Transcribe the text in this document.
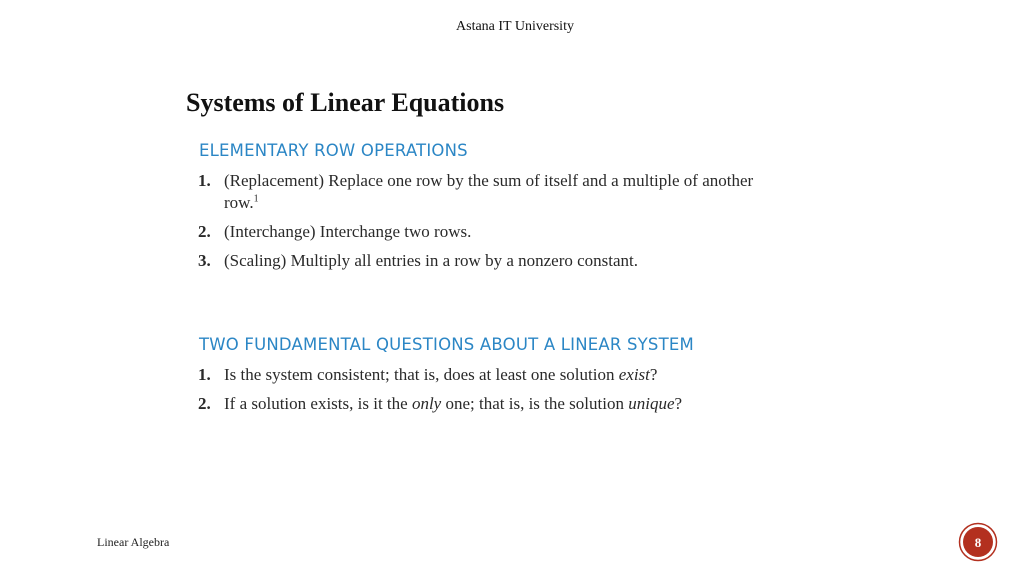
Astana IT University
Systems of Linear Equations
ELEMENTARY ROW OPERATIONS
1. (Replacement) Replace one row by the sum of itself and a multiple of another
row.$^1$
2. (Interchange) Interchange two rows.
3. (Scaling) Multiply all entries in a row by a nonzero constant.
TWO FUNDAMENTAL QUESTIONS ABOUT A LINEAR SYSTEM
1. Is the system consistent; that is, does at least one solution exist?
2. If a solution exists, is it the only one; that is, is the solution unique?
Linear Algebra	8
